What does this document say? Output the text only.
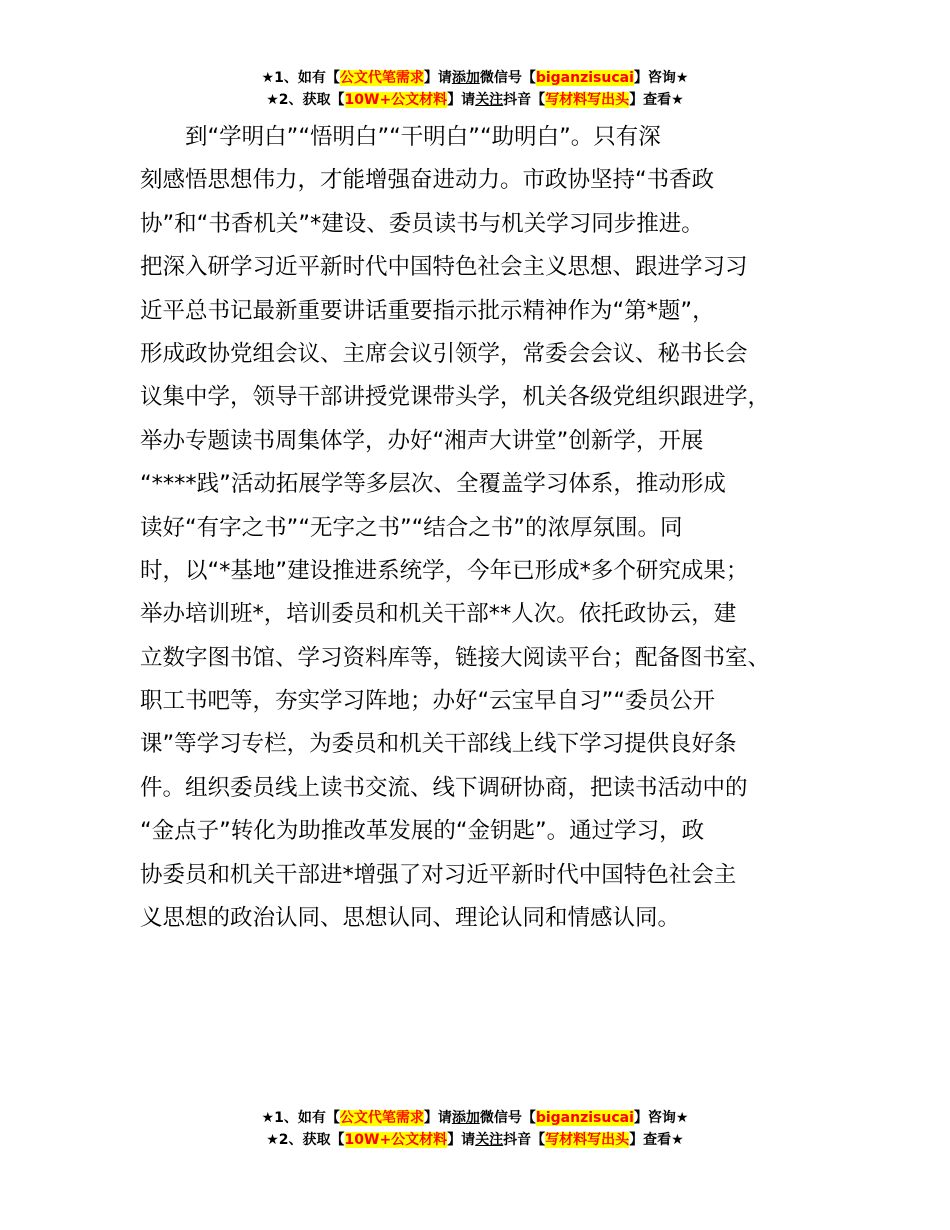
★1、如有【公文代笔需求】请添加微信号【biganzisucai】咨询★
★2、获取【10W+公文材料】请关注抖音【写材料写出头】查看★
到“学明白”“悟明白”“干明白”“助明白”。只有深
刻感悟思想伟力，才能增强奋进动力。市政协坚持“书香政
协”和“书香机关”*建设、委员读书与机关学习同步推进。
把深入研学习近平新时代中国特色社会主义思想、跟进学习习
近平总书记最新重要讲话重要指示批示精神作为“第*题”，
形成政协党组会议、主席会议引领学，常委会会议、秘书长会
议集中学，领导干部讲授党课带头学，机关各级党组织跟进学，
举办专题读书周集体学，办好“湘声大讲堂”创新学，开展
“****践”活动拓展学等多层次、全覆盖学习体系，推动形成
读好“有字之书”“无字之书”“结合之书”的浓厚氛围。同
时，以“*基地”建设推进系统学，今年已形成*多个研究成果；
举办培训班*，培训委员和机关干部**人次。依托政协云，建
立数字图书馆、学习资料库等，链接大阅读平台；配备图书室、
职工书吧等，夯实学习阵地；办好“云宝早自习”“委员公开
课”等学习专栏，为委员和机关干部线上线下学习提供良好条
件。组织委员线上读书交流、线下调研协商，把读书活动中的
“金点子”转化为助推改革发展的“金钥匙”。通过学习，政
协委员和机关干部进*增强了对习近平新时代中国特色社会主
义思想的政治认同、思想认同、理论认同和情感认同。
★1、如有【公文代笔需求】请添加微信号【biganzisucai】咨询★
★2、获取【10W+公文材料】请关注抖音【写材料写出头】查看★
